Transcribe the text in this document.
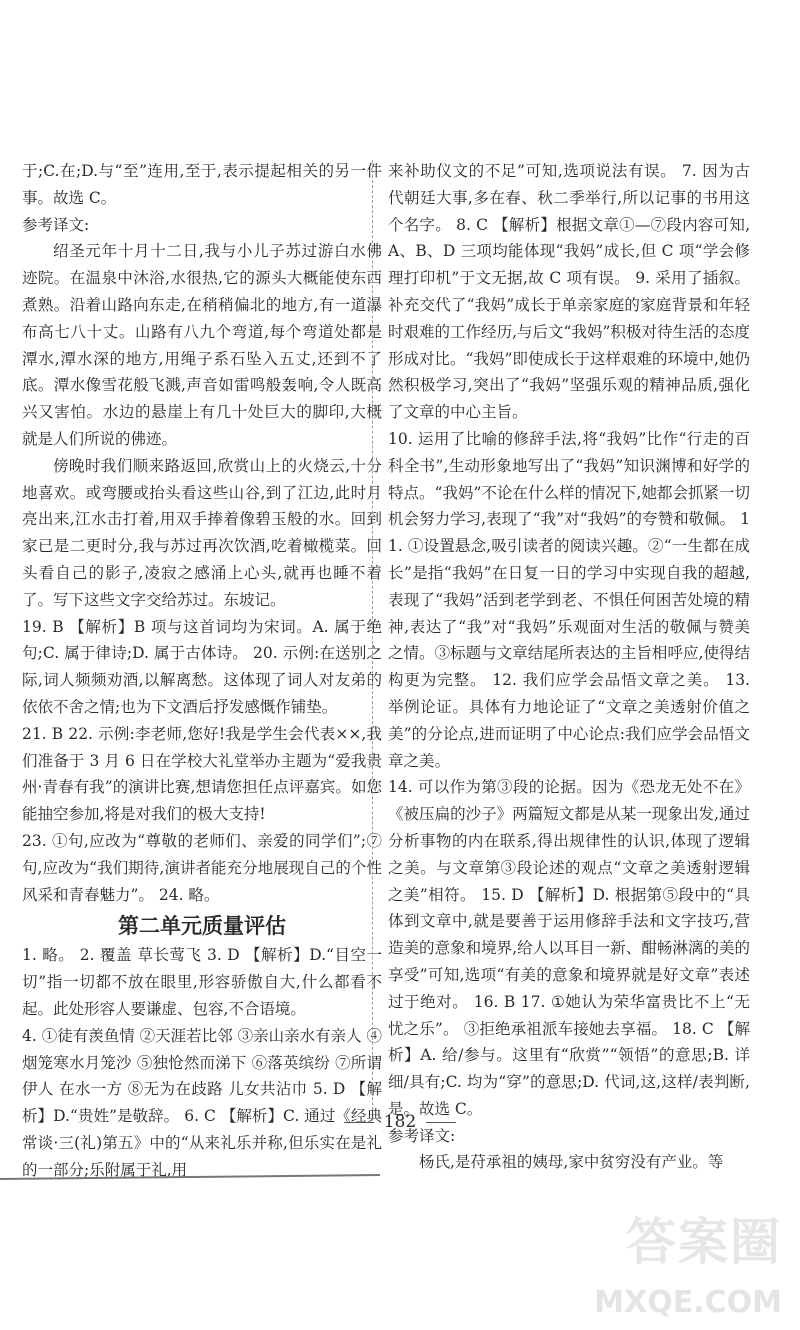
于;C.在;D.与“至”连用,至于,表示提起相关的另一件事。故选 C。

参考译文:

绍圣元年十月十二日,我与小儿子苏过游白水佛迹院。在温泉中沐浴,水很热,它的源头大概能使东西煮熟。沿着山路向东走,在稍稍偏北的地方,有一道瀑布高七八十丈。山路有八九个弯道,每个弯道处都是潭水,潭水深的地方,用绳子系石坠入五丈,还到不了底。潭水像雪花般飞溅,声音如雷鸣般轰响,令人既高兴又害怕。水边的悬崖上有几十处巨大的脚印,大概就是人们所说的佛迹。

傍晚时我们顺来路返回,欣赏山上的火烧云,十分地喜欢。或弯腰或抬头看这些山谷,到了江边,此时月亮出来,江水击打着,用双手捧着像碧玉般的水。回到家已是二更时分,我与苏过再次饮酒,吃着橄榄菜。回头看自己的影子,凌寂之感涌上心头,就再也睡不着了。写下这些文字交给苏过。东坡记。

19. B 【解析】B 项与这首词均为宋词。A. 属于绝句;C. 属于律诗;D. 属于古体诗。 20. 示例:在送别之际,词人频频劝酒,以解离愁。这体现了词人对友弟的依依不舍之情;也为下文酒后抒发感慨作铺垫。

21. B 22. 示例:李老师,您好!我是学生会代表××,我们准备于 3 月 6 日在学校大礼堂举办主题为“爱我贵州·青春有我”的演讲比赛,想请您担任点评嘉宾。如您能抽空参加,将是对我们的极大支持!

23. ①句,应改为“尊敬的老师们、亲爱的同学们”;⑦句,应改为“我们期待,演讲者能充分地展现自己的个性风采和青春魅力”。 24. 略。

第二单元质量评估

1. 略。 2. 覆盖 草长莺飞 3. D 【解析】D.“目空一切”指一切都不放在眼里,形容骄傲自大,什么都看不起。此处形容人要谦虚、包容,不合语境。

4. ①徒有羡鱼情 ②天涯若比邻 ③亲山亲水有亲人 ④烟笼寒水月笼沙 ⑤独怆然而涕下 ⑥落英缤纷 ⑦所谓伊人 在水一方 ⑧无为在歧路 儿女共沾巾 5. D 【解析】D.“贵姓”是敬辞。 6. C 【解析】C. 通过《经典常谈·三(礼)第五》中的“从来礼乐并称,但乐实在是礼的一部分;乐附属于礼,用

来补助仪文的不足”可知,选项说法有误。 7. 因为古代朝廷大事,多在春、秋二季举行,所以记事的书用这个名字。 8. C 【解析】根据文章①—⑦段内容可知,A、B、D 三项均能体现“我妈”成长,但 C 项“学会修理打印机”于文无据,故 C 项有误。 9. 采用了插叙。补充交代了“我妈”成长于单亲家庭的家庭背景和年轻时艰难的工作经历,与后文“我妈”积极对待生活的态度形成对比。“我妈”即使成长于这样艰难的环境中,她仍然积极学习,突出了“我妈”坚强乐观的精神品质,强化了文章的中心主旨。

10. 运用了比喻的修辞手法,将“我妈”比作“行走的百科全书”,生动形象地写出了“我妈”知识渊博和好学的特点。“我妈”不论在什么样的情况下,她都会抓紧一切机会努力学习,表现了“我”对“我妈”的夸赞和敬佩。 11. ①设置悬念,吸引读者的阅读兴趣。②“一生都在成长”是指“我妈”在日复一日的学习中实现自我的超越,表现了“我妈”活到老学到老、不惧任何困苦处境的精神,表达了“我”对“我妈”乐观面对生活的敬佩与赞美之情。③标题与文章结尾所表达的主旨相呼应,使得结构更为完整。 12. 我们应学会品悟文章之美。 13. 举例论证。具体有力地论证了“文章之美透射价值之美”的分论点,进而证明了中心论点:我们应学会品悟文章之美。

14. 可以作为第③段的论据。因为《恐龙无处不在》《被压扁的沙子》两篇短文都是从某一现象出发,通过分析事物的内在联系,得出规律性的认识,体现了逻辑之美。与文章第③段论述的观点“文章之美透射逻辑之美”相符。 15. D 【解析】D. 根据第⑤段中的“具体到文章中,就是要善于运用修辞手法和文字技巧,营造美的意象和境界,给人以耳目一新、酣畅淋漓的美的享受”可知,选项“有美的意象和境界就是好文章”表述过于绝对。 16. B 17. ①她认为荣华富贵比不上“无忧之乐”。 ③拒绝承祖派车接她去享福。 18. C 【解析】A. 给/参与。这里有“欣赏”“领悟”的意思;B. 详细/具有;C. 均为“穿”的意思;D. 代词,这,这样/表判断,是。故选 C。

参考译文:

杨氏,是苻承祖的姨母,家中贫穷没有产业。等

182
答案圈
MXQE.COM
